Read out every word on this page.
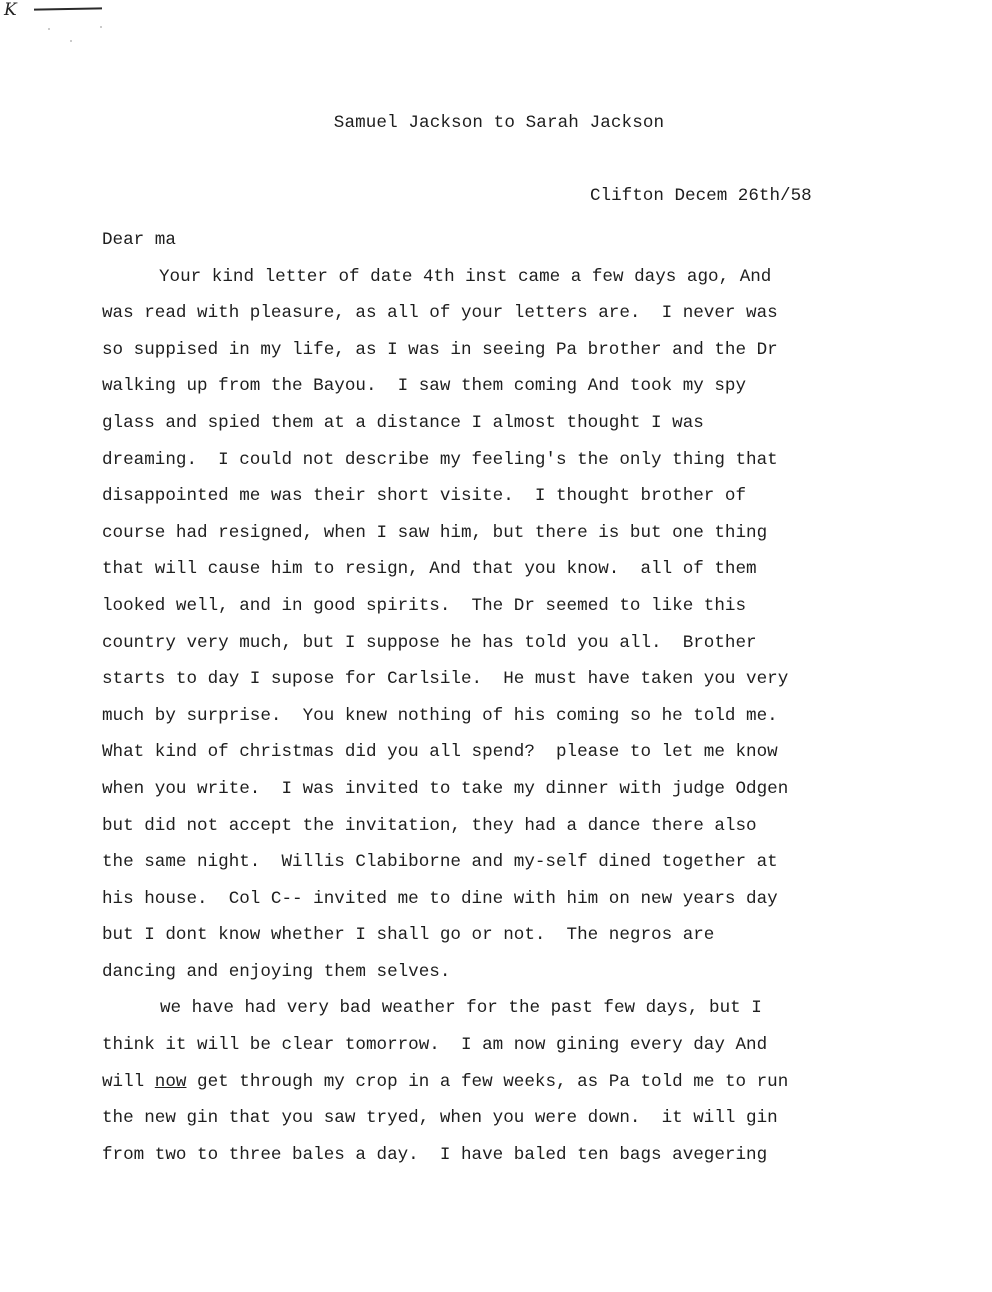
K
Samuel Jackson to Sarah Jackson
Clifton Decem 26th/58
Dear ma
Your kind letter of date 4th inst came a few days ago, And
was read with pleasure, as all of your letters are.  I never was
so suppised in my life, as I was in seeing Pa brother and the Dr
walking up from the Bayou.  I saw them coming And took my spy
glass and spied them at a distance I almost thought I was
dreaming.  I could not describe my feeling's the only thing that
disappointed me was their short visite.  I thought brother of
course had resigned, when I saw him, but there is but one thing
that will cause him to resign, And that you know.  all of them
looked well, and in good spirits.  The Dr seemed to like this
country very much, but I suppose he has told you all.  Brother
starts to day I supose for Carlsile.  He must have taken you very
much by surprise.  You knew nothing of his coming so he told me.
What kind of christmas did you all spend?  please to let me know
when you write.  I was invited to take my dinner with judge Odgen
but did not accept the invitation, they had a dance there also
the same night.  Willis Clabiborne and my-self dined together at
his house.  Col C-- invited me to dine with him on new years day
but I dont know whether I shall go or not.  The negros are
dancing and enjoying them selves.
we have had very bad weather for the past few days, but I
think it will be clear tomorrow.  I am now gining every day And
will now get through my crop in a few weeks, as Pa told me to run
the new gin that you saw tryed, when you were down.  it will gin
from two to three bales a day.  I have baled ten bags avegering
